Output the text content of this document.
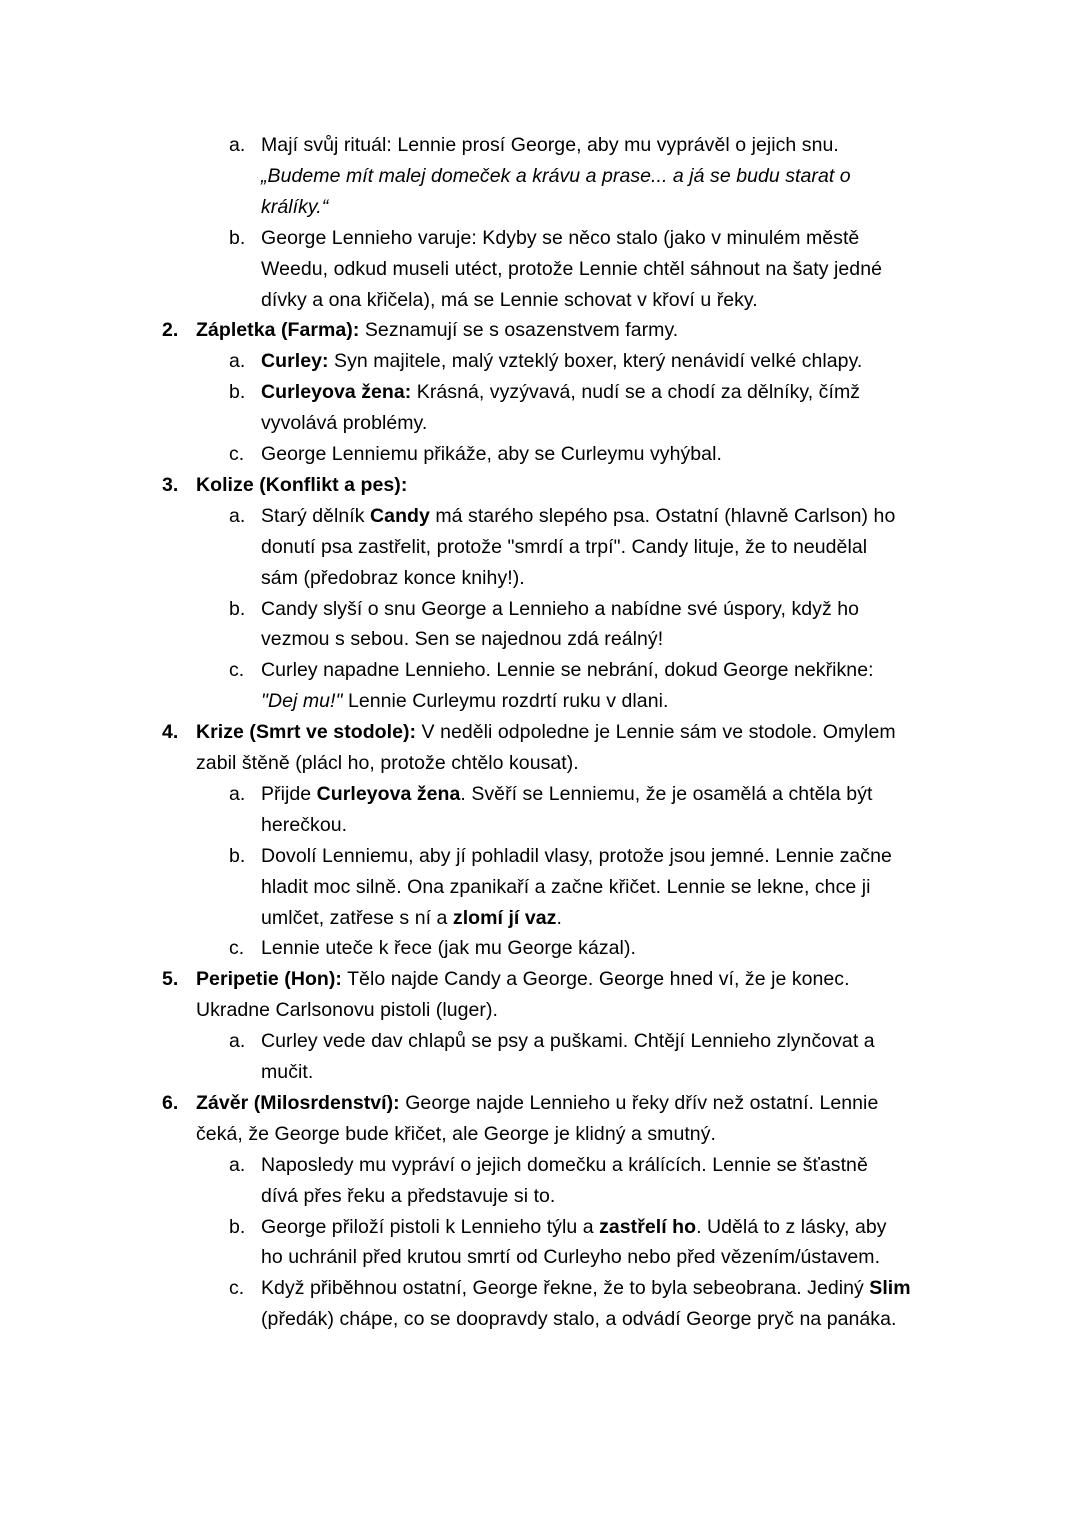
a. Mají svůj rituál: Lennie prosí George, aby mu vyprávěl o jejich snu.
„Budeme mít malej domeček a krávu a prase... a já se budu starat o
králíky.“
b. George Lennieho varuje: Kdyby se něco stalo (jako v minulém městě
Weedu, odkud museli utéct, protože Lennie chtěl sáhnout na šaty jedné
dívky a ona křičela), má se Lennie schovat v křoví u řeky.
2. Zápletka (Farma): Seznamují se s osazenstvem farmy.
a. Curley: Syn majitele, malý vzteklý boxer, který nenávidí velké chlapy.
b. Curleyova žena: Krásná, vyzývavá, nudí se a chodí za dělníky, čímž
vyvolává problémy.
c. George Lenniemu přikáže, aby se Curleymu vyhýbal.
3. Kolize (Konflikt a pes):
a. Starý dělník Candy má starého slepého psa. Ostatní (hlavně Carlson) ho
donutí psa zastřelit, protože "smrdí a trpí". Candy lituje, že to neudělal
sám (předobraz konce knihy!).
b. Candy slyší o snu George a Lennieho a nabídne své úspory, když ho
vezmou s sebou. Sen se najednou zdá reálný!
c. Curley napadne Lennieho. Lennie se nebrání, dokud George nekřikne:
"Dej mu!" Lennie Curleymu rozdrtí ruku v dlani.
4. Krize (Smrt ve stodole): V neděli odpoledne je Lennie sám ve stodole. Omylem
zabil štěně (plácl ho, protože chtělo kousat).
a. Přijde Curleyova žena. Svěří se Lenniemu, že je osamělá a chtěla být
herečkou.
b. Dovolí Lenniemu, aby jí pohladil vlasy, protože jsou jemné. Lennie začne
hladit moc silně. Ona zpanikaří a začne křičet. Lennie se lekne, chce ji
umlčet, zatřese s ní a zlomí jí vaz.
c. Lennie uteče k řece (jak mu George kázal).
5. Peripetie (Hon): Tělo najde Candy a George. George hned ví, že je konec.
Ukradne Carlsonovu pistoli (luger).
a. Curley vede dav chlapů se psy a puškami. Chtějí Lennieho zlynčovat a
mučit.
6. Závěr (Milosrdenství): George najde Lennieho u řeky dřív než ostatní. Lennie
čeká, že George bude křičet, ale George je klidný a smutný.
a. Naposledy mu vypráví o jejich domečku a králících. Lennie se šťastně
dívá přes řeku a představuje si to.
b. George přiloží pistoli k Lennieho týlu a zastřelí ho. Udělá to z lásky, aby
ho uchránil před krutou smrtí od Curleyho nebo před vězením/ústavem.
c. Když přiběhnou ostatní, George řekne, že to byla sebeobrana. Jediný Slim
(předák) chápe, co se doopravdy stalo, a odvádí George pryč na panáka.
